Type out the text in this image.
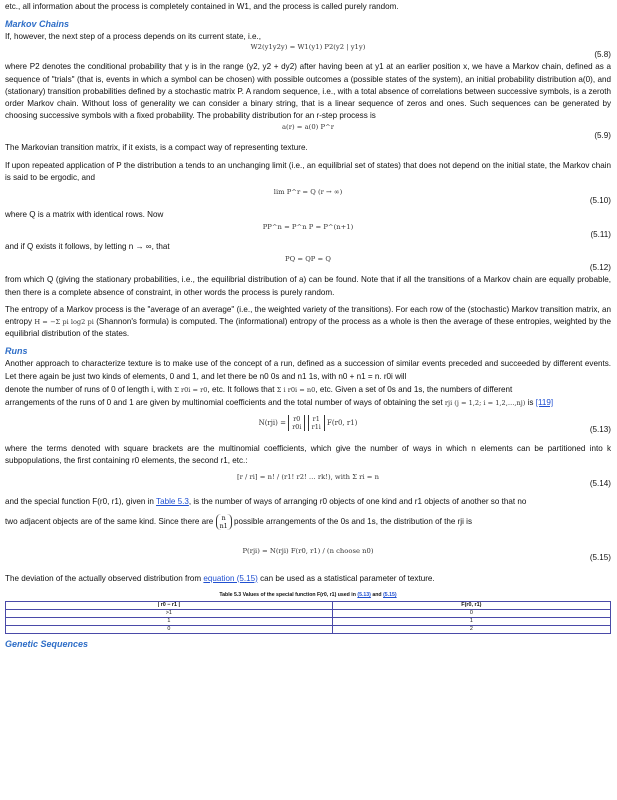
etc., all information about the process is completely contained in W1, and the process is called purely random.

Markov Chains

If, however, the next step of a process depends on its current state, i.e.,

W2(y1y2y) = W1(y1) P2(y2 | y1y)
(5.8)

where P2 denotes the conditional probability that y is in the range (y2, y2 + dy2) after having been at y1 at an earlier position x, we have a Markov chain, defined as a sequence of "trials" (that is, events in which a symbol can be chosen) with possible outcomes a (possible states of the system), an initial probability distribution a(0), and (stationary) transition probabilities defined by a stochastic matrix P. A random sequence, i.e., with a total absence of correlations between successive symbols, is a zeroth order Markov chain. Without loss of generality we can consider a binary string, that is a linear sequence of zeros and ones. Such sequences can be generated by choosing successive symbols with a fixed probability. The probability distribution for an r-step process is

a(r) = a(0) P^r
(5.9)

The Markovian transition matrix, if it exists, is a compact way of representing texture.

If upon repeated application of P the distribution a tends to an unchanging limit (i.e., an equilibrial set of states) that does not depend on the initial state, the Markov chain is said to be ergodic, and

lim P^r = Q (r → ∞)
(5.10)

where Q is a matrix with identical rows. Now

PP^n = P^n P = P^(n+1)
(5.11)

and if Q exists it follows, by letting n → ∞, that

PQ = QP = Q
(5.12)

from which Q (giving the stationary probabilities, i.e., the equilibrial distribution of a) can be found. Note that if all the transitions of a Markov chain are equally probable, then there is a complete absence of constraint, in other words the process is purely random.

The entropy of a Markov process is the "average of an average" (i.e., the weighted variety of the transitions). For each row of the (stochastic) Markov transition matrix, an entropy H = −Σ pi log2 pi (Shannon's formula) is computed. The (informational) entropy of the process as a whole is then the average of these entropies, weighted by the equilibrial distribution of the states.

Runs

Another approach to characterize texture is to make use of the concept of a run, defined as a succession of similar events preceded and succeeded by different events. Let there again be just two kinds of elements, 0 and 1, and let there be n0 0s and n1 1s, with n0 + n1 = n. r0i will

denote the number of runs of 0 of length i, with Σ r0i = r0, etc. It follows that Σ i r0i = n0, etc. Given a set of 0s and 1s, the numbers of different

arrangements of the runs of 0 and 1 are given by multinomial coefficients and the total number of ways of obtaining the set rji (j = 1,2; i = 1,2,…,nj) is [119]

N(rji) = r0
r0i r1
r1i F(r0, r1)
(5.13)

where the terms denoted with square brackets are the multinomial coefficients, which give the number of ways in which n elements can be partitioned into k subpopulations, the first containing r0 elements, the second r1, etc.:

[r / ri] = n! / (r1! r2! … rk!), with Σ ri = n
(5.14)

and the special function F(r0, r1), given in Table 5.3, is the number of ways of arranging r0 objects of one kind and r1 objects of another so that no

two adjacent objects are of the same kind. Since there are n
n1 possible arrangements of the 0s and 1s, the distribution of the rji is

P(rji) = N(rji) F(r0, r1) / (n choose n0)
(5.15)

The deviation of the actually observed distribution from equation (5.15) can be used as a statistical parameter of texture.

Table 5.3 Values of the special function F(r0, r1) used in (5.13) and (5.15)
| r0 − r1 |	F(r0, r1)
>1	0
1	1
0	2
Genetic Sequences
